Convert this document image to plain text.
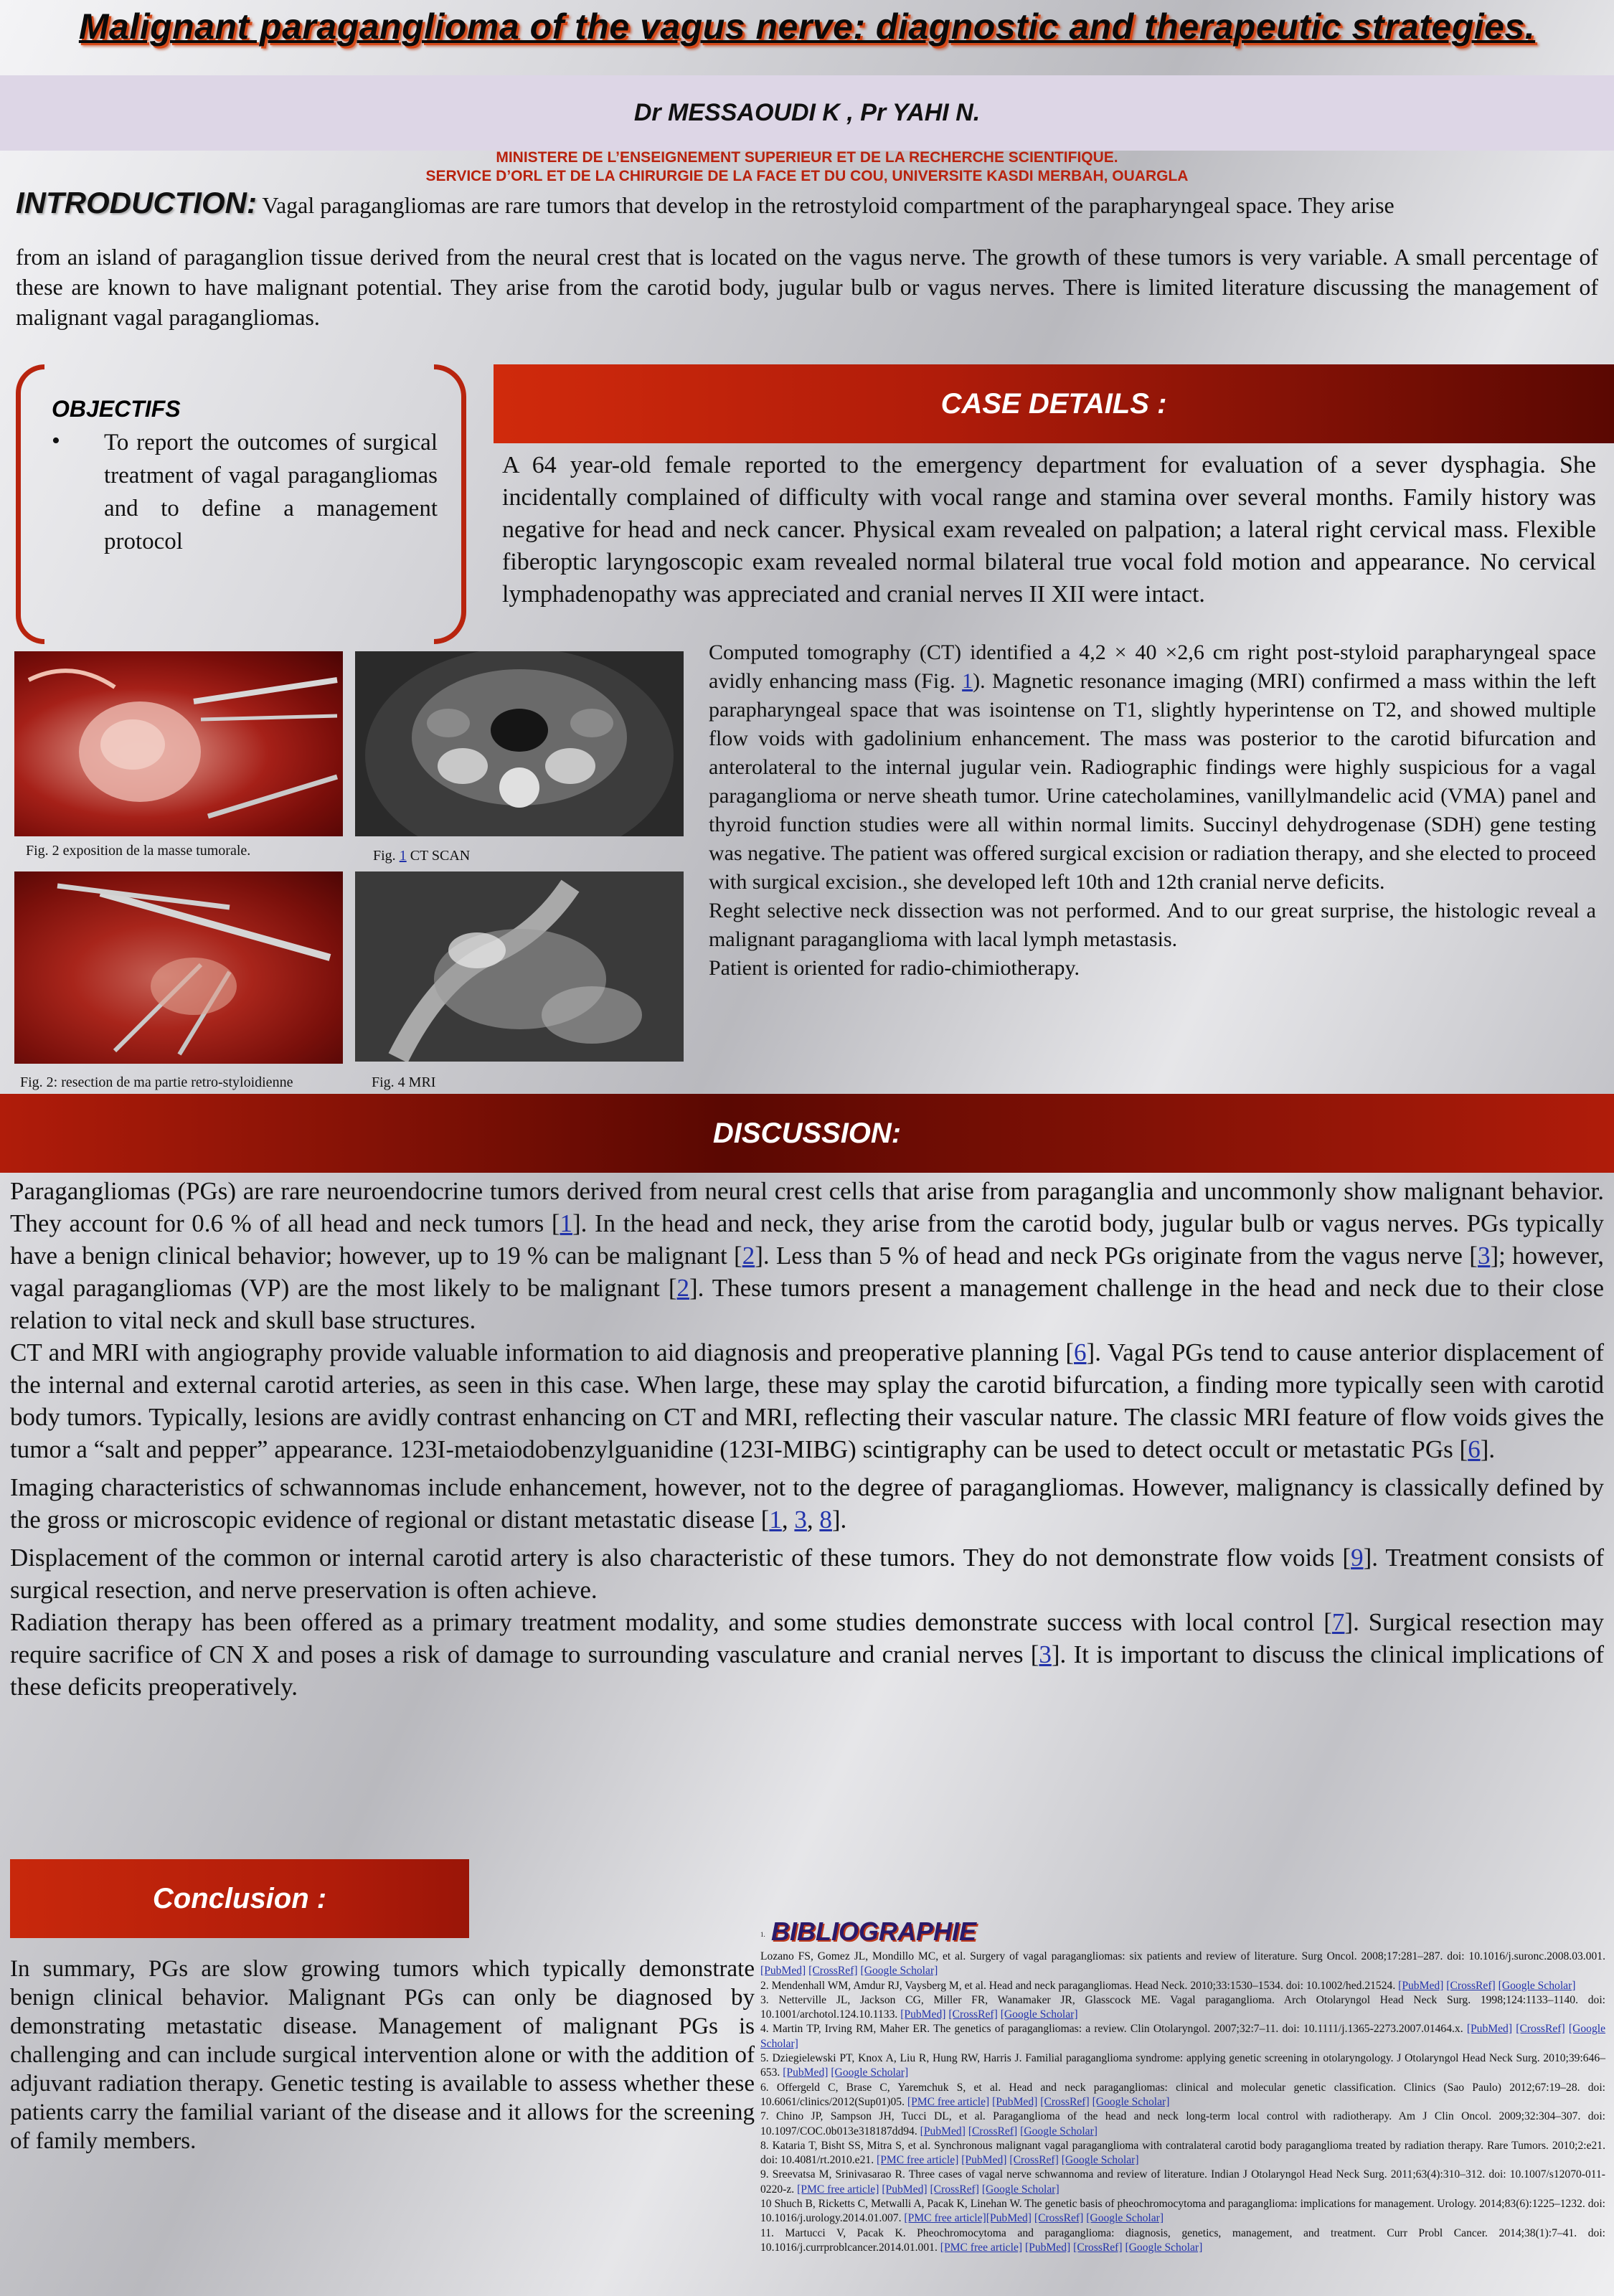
Malignant paraganglioma of the vagus nerve: diagnostic and therapeutic strategies.
Dr MESSAOUDI K , Pr YAHI N.
MINISTERE DE L’ENSEIGNEMENT SUPERIEUR ET DE LA RECHERCHE SCIENTIFIQUE.
SERVICE D’ORL ET DE LA CHIRURGIE DE LA FACE ET DU COU, UNIVERSITE KASDI MERBAH, OUARGLA
INTRODUCTION: Vagal paragangliomas are rare tumors that develop in the retrostyloid compartment of the parapharyngeal space. They arise
from an island of paraganglion tissue derived from the neural crest that is located on the vagus nerve. The growth of these tumors is very variable. A small percentage of these are known to have malignant potential. They arise from the carotid body, jugular bulb or vagus nerves. There is limited literature discussing the management of malignant vagal paragangliomas.
OBJECTIFS
• To report the outcomes of surgical treatment of vagal paragangliomas and to define a management protocol
CASE DETAILS :
A 64 year-old female reported to the emergency department for evaluation of a sever dysphagia. She incidentally complained of difficulty with vocal range and stamina over several months. Family history was negative for head and neck cancer. Physical exam revealed on palpation; a lateral right cervical mass. Flexible fiberoptic laryngoscopic exam revealed normal bilateral true vocal fold motion and appearance. No cervical lymphadenopathy was appreciated and cranial nerves II XII were intact.
Fig. 2 exposition de la masse tumorale.	Fig. 1 CT SCAN
Fig. 2: resection de ma partie retro-styloidienne	Fig. 4 MRI
Computed tomography (CT) identified a 4,2 × 40 ×2,6 cm right post-styloid parapharyngeal space avidly enhancing mass (Fig. 1). Magnetic resonance imaging (MRI) confirmed a mass within the left parapharyngeal space that was isointense on T1, slightly hyperintense on T2, and showed multiple flow voids with gadolinium enhancement. The mass was posterior to the carotid bifurcation and anterolateral to the internal jugular vein. Radiographic findings were highly suspicious for a vagal paraganglioma or nerve sheath tumor. Urine catecholamines, vanillylmandelic acid (VMA) panel and thyroid function studies were all within normal limits. Succinyl dehydrogenase (SDH) gene testing was negative. The patient was offered surgical excision or radiation therapy, and she elected to proceed with surgical excision., she developed left 10th and 12th cranial nerve deficits.
Reght selective neck dissection was not performed. And to our great surprise, the histologic reveal a malignant paraganglioma with lacal lymph metastasis.
Patient is oriented for radio-chimiotherapy.
DISCUSSION:

Paragangliomas (PGs) are rare neuroendocrine tumors derived from neural crest cells that arise from paraganglia and uncommonly show malignant behavior. They account for 0.6 % of all head and neck tumors [1]. In the head and neck, they arise from the carotid body, jugular bulb or vagus nerves. PGs typically have a benign clinical behavior; however, up to 19 % can be malignant [2]. Less than 5 % of head and neck PGs originate from the vagus nerve [3]; however, vagal paragangliomas (VP) are the most likely to be malignant [2]. These tumors present a management challenge in the head and neck due to their close relation to vital neck and skull base structures.
CT and MRI with angiography provide valuable information to aid diagnosis and preoperative planning [6]. Vagal PGs tend to cause anterior displacement of the internal and external carotid arteries, as seen in this case. When large, these may splay the carotid bifurcation, a finding more typically seen with carotid body tumors. Typically, lesions are avidly contrast enhancing on CT and MRI, reflecting their vascular nature. The classic MRI feature of flow voids gives the tumor a “salt and pepper” appearance. 123I-metaiodobenzylguanidine (123I-MIBG) scintigraphy can be used to detect occult or metastatic PGs [6].

Imaging characteristics of schwannomas include enhancement, however, not to the degree of paragangliomas. However, malignancy is classically defined by the gross or microscopic evidence of regional or distant metastatic disease [1, 3, 8].

Displacement of the common or internal carotid artery is also characteristic of these tumors. They do not demonstrate flow voids [9]. Treatment consists of surgical resection, and nerve preservation is often achieve.
Radiation therapy has been offered as a primary treatment modality, and some studies demonstrate success with local control [7]. Surgical resection may require sacrifice of CN X and poses a risk of damage to surrounding vasculature and cranial nerves [3]. It is important to discuss the clinical implications of these deficits preoperatively.

Conclusion :
In summary, PGs are slow growing tumors which typically demonstrate benign clinical behavior. Malignant PGs can only be diagnosed by demonstrating metastatic disease. Management of malignant PGs is challenging and can include surgical intervention alone or with the addition of adjuvant radiation therapy. Genetic testing is available to assess whether these patients carry the familial variant of the disease and it allows for the screening of family members.
1. BIBLIOGRAPHIE
Lozano FS, Gomez JL, Mondillo MC, et al. Surgery of vagal paragangliomas: six patients and review of literature. Surg Oncol. 2008;17:281–287. doi: 10.1016/j.suronc.2008.03.001. [PubMed] [CrossRef] [Google Scholar]
2. Mendenhall WM, Amdur RJ, Vaysberg M, et al. Head and neck paragangliomas. Head Neck. 2010;33:1530–1534. doi: 10.1002/hed.21524. [PubMed] [CrossRef] [Google Scholar]
3. Netterville JL, Jackson CG, Miller FR, Wanamaker JR, Glasscock ME. Vagal paraganglioma. Arch Otolaryngol Head Neck Surg. 1998;124:1133–1140. doi: 10.1001/archotol.124.10.1133. [PubMed] [CrossRef] [Google Scholar]
4. Martin TP, Irving RM, Maher ER. The genetics of paragangliomas: a review. Clin Otolaryngol. 2007;32:7–11. doi: 10.1111/j.1365-2273.2007.01464.x. [PubMed] [CrossRef] [Google Scholar]
5. Dziegielewski PT, Knox A, Liu R, Hung RW, Harris J. Familial paraganglioma syndrome: applying genetic screening in otolaryngology. J Otolaryngol Head Neck Surg. 2010;39:646–653. [PubMed] [Google Scholar]
6. Offergeld C, Brase C, Yaremchuk S, et al. Head and neck paragangliomas: clinical and molecular genetic classification. Clinics (Sao Paulo) 2012;67:19–28. doi: 10.6061/clinics/2012(Sup01)05. [PMC free article] [PubMed] [CrossRef] [Google Scholar]
7. Chino JP, Sampson JH, Tucci DL, et al. Paraganglioma of the head and neck long-term local control with radiotherapy. Am J Clin Oncol. 2009;32:304–307. doi: 10.1097/COC.0b013e318187dd94. [PubMed] [CrossRef] [Google Scholar]
8. Kataria T, Bisht SS, Mitra S, et al. Synchronous malignant vagal paraganglioma with contralateral carotid body paraganglioma treated by radiation therapy. Rare Tumors. 2010;2:e21. doi: 10.4081/rt.2010.e21. [PMC free article] [PubMed] [CrossRef] [Google Scholar]
9. Sreevatsa M, Srinivasarao R. Three cases of vagal nerve schwannoma and review of literature. Indian J Otolaryngol Head Neck Surg. 2011;63(4):310–312. doi: 10.1007/s12070-011-0220-z. [PMC free article] [PubMed] [CrossRef] [Google Scholar]
10 Shuch B, Ricketts C, Metwalli A, Pacak K, Linehan W. The genetic basis of pheochromocytoma and paraganglioma: implications for management. Urology. 2014;83(6):1225–1232. doi: 10.1016/j.urology.2014.01.007. [PMC free article][PubMed] [CrossRef] [Google Scholar]
11. Martucci V, Pacak K. Pheochromocytoma and paraganglioma: diagnosis, genetics, management, and treatment. Curr Probl Cancer. 2014;38(1):7–41. doi: 10.1016/j.currproblcancer.2014.01.001. [PMC free article] [PubMed] [CrossRef] [Google Scholar]
